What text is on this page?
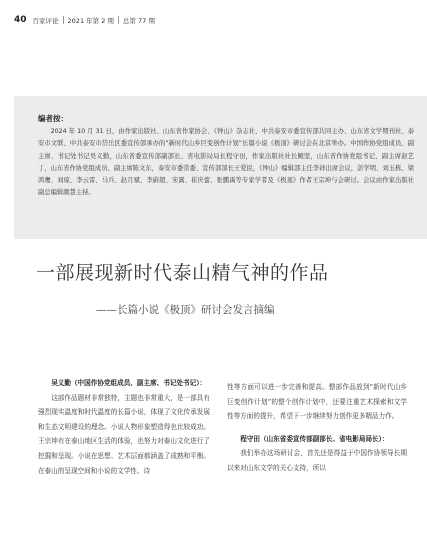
40 百家评论 2021 年第 2 期 总第 77 期
编者按：

2024 年 10 月 31 日，由作家出版社、山东省作家协会、《钟山》杂志社、中共泰安市委宣传部共同主办、山东省文学期刊社、泰安市文联、中共泰安市岱岳区委宣传部承办的“新时代山乡巨变创作计划”长篇小说《极顶》研讨会在北京举办。中国作协党组成员、副主席、书记处书记吴义勤，山东省委宣传部副部长、省电影局局长程守田，作家出版社社长鲍坚，山东省作协党组书记、副主席赵艺丁，山东省作协党组成员、副主席陈文东，泰安市委常委、宣传部部长王爱民，《钟山》编辑部主任李祥出席会议，彭学明、刘玉栋、梁鸿鹰、刘琼、李云雷、马兵、赵月斌、李蔚超、宋嵩、崔庆蕾、张鹏禹等专家学者及《极顶》作者王宗坤与会研讨。会议由作家出版社副总编辑颜慧主持。

一部展现新时代泰山精气神的作品
——长篇小说《极顶》研讨会发言摘编

吴义勤（中国作协党组成员、副主席、书记处书记）：

这部作品题材非常独特，主题也非常重大，是一部具有强烈现实温度和时代温度的长篇小说，体现了文化传承发展和生态文明建设的理念。小说人物形象塑造得也比较成功。王宗坤有在泰山地区生活的体验，也努力对泰山文化进行了挖掘和呈现。小说在思想、艺术层面都涵盖了成熟和平衡。在泰山的呈现空间和小说的文学性、诗

性等方面可以进一步完善和提高。整部作品放到“新时代山乡巨变创作计划”的整个创作计划中，还要注重艺术探索和文学性等方面的提升，希望下一步继续努力创作更多精品力作。

程守田（山东省委宣传部副部长、省电影局局长）：

我们举办这场研讨会，首先还是得益于中国作协领导长期以来对山东文学的关心支持，所以
